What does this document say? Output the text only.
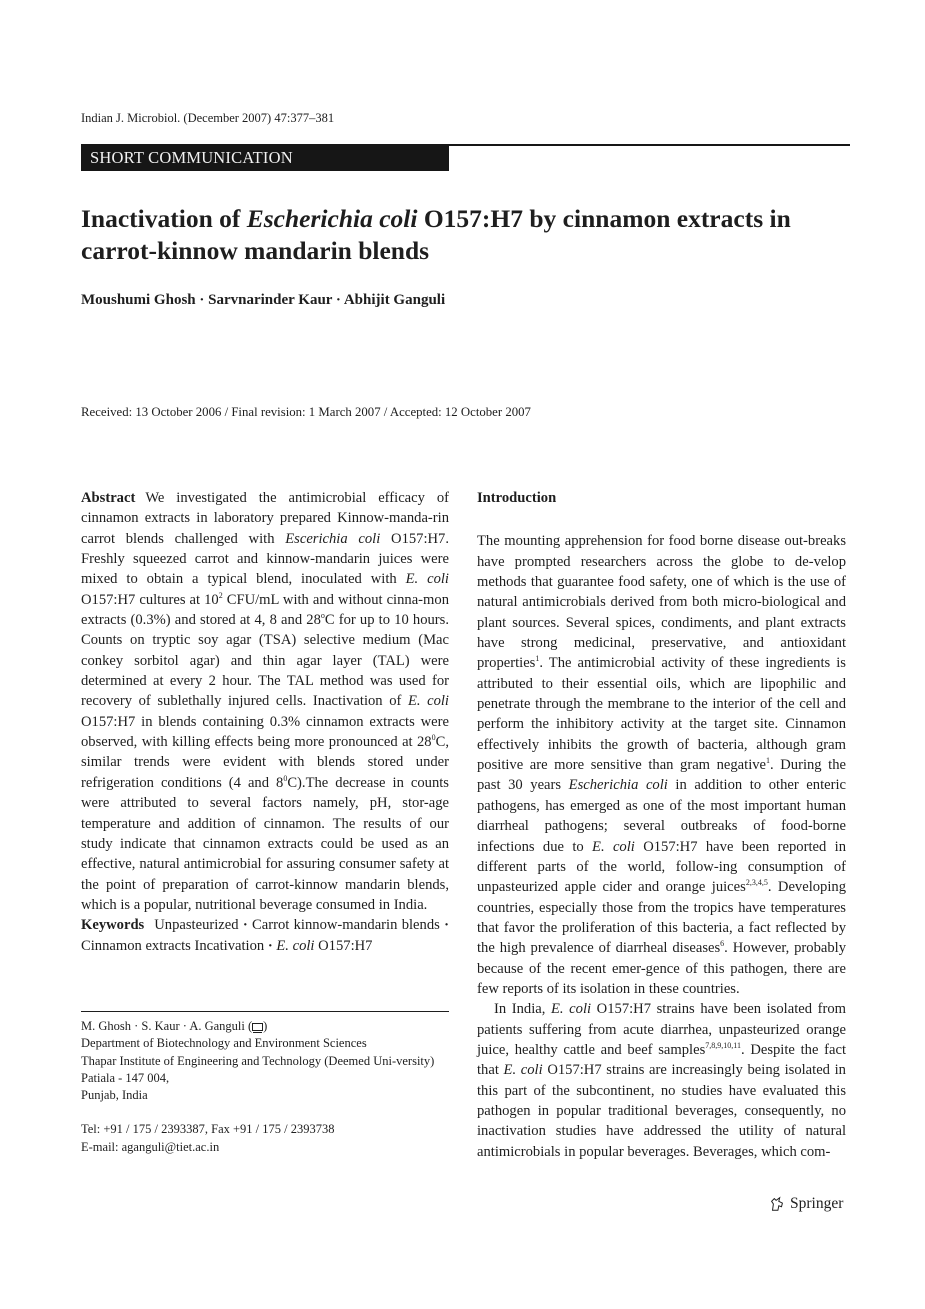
Indian J. Microbiol. (December 2007) 47:377–381
SHORT COMMUNICATION
Inactivation of Escherichia coli O157:H7 by cinnamon extracts in carrot-kinnow mandarin blends
Moushumi Ghosh · Sarvnarinder Kaur · Abhijit Ganguli
Received: 13 October 2006 / Final revision: 1 March 2007 / Accepted: 12 October 2007

Abstract We investigated the antimicrobial efficacy of cinnamon extracts in laboratory prepared Kinnow-manda-rin carrot blends challenged with Escerichia coli O157:H7. Freshly squeezed carrot and kinnow-mandarin juices were mixed to obtain a typical blend, inoculated with E. coli O157:H7 cultures at $10^2$ CFU/mL with and without cinna-mon extracts (0.3%) and stored at 4, 8 and 28$^o$C for up to 10 hours. Counts on tryptic soy agar (TSA) selective medium (Mac conkey sorbitol agar) and thin agar layer (TAL) were determined at every 2 hour. The TAL method was used for recovery of sublethally injured cells. Inactivation of E. coli O157:H7 in blends containing 0.3% cinnamon extracts were observed, with killing effects being more pronounced at $28^0C$, similar trends were evident with blends stored under refrigeration conditions (4 and $8^0C).The$ decrease in counts were attributed to several factors namely, pH, stor-age temperature and addition of cinnamon. The results of our study indicate that cinnamon extracts could be used as an effective, natural antimicrobial for assuring consumer safety at the point of preparation of carrot-kinnow mandarin blends, which is a popular, nutritional beverage consumed in India.

Keywords Unpasteurized · Carrot kinnow-mandarin blends · Cinnamon extracts Incativation · E. coli O157:H7

M. Ghosh · S. Kaur · A. Ganguli ( )

Department of Biotechnology and Environment Sciences

Thapar Institute of Engineering and Technology (Deemed Uni-versity)

Patiala - 147 004,

Punjab, India

Tel: +91 / 175 / 2393387, Fax +91 / 175 / 2393738

E-mail: aganguli@tiet.ac.in

Introduction

The mounting apprehension for food borne disease out-breaks have prompted researchers across the globe to de-velop methods that guarantee food safety, one of which is the use of natural antimicrobials derived from both micro-biological and plant sources. Several spices, condiments, and plant extracts have strong medicinal, preservative, and antioxidant properties$^1$. The antimicrobial activity of these ingredients is attributed to their essential oils, which are lipophilic and penetrate through the membrane to the interior of the cell and perform the inhibitory activity at the target site. Cinnamon effectively inhibits the growth of bacteria, although gram positive are more sensitive than gram negative$^1$. During the past 30 years Escherichia coli in addition to other enteric pathogens, has emerged as one of the most important human diarrheal pathogens; several outbreaks of food-borne infections due to E. coli O157:H7 have been reported in different parts of the world, follow-ing consumption of unpasteurized apple cider and orange juices$^{2,3,4,5}$. Developing countries, especially those from the tropics have temperatures that favor the proliferation of this bacteria, a fact reflected by the high prevalence of diarrheal diseases$^6$. However, probably because of the recent emer-gence of this pathogen, there are few reports of its isolation in these countries.

In India, E. coli O157:H7 strains have been isolated from patients suffering from acute diarrhea, unpasteurized orange juice, healthy cattle and beef samples$^{7,8,9,10,11}$. Despite the fact that E. coli O157:H7 strains are increasingly being isolated in this part of the subcontinent, no studies have evaluated this pathogen in popular traditional beverages, consequently, no inactivation studies have addressed the utility of natural antimicrobials in popular beverages. Beverages, which com-

Springer
